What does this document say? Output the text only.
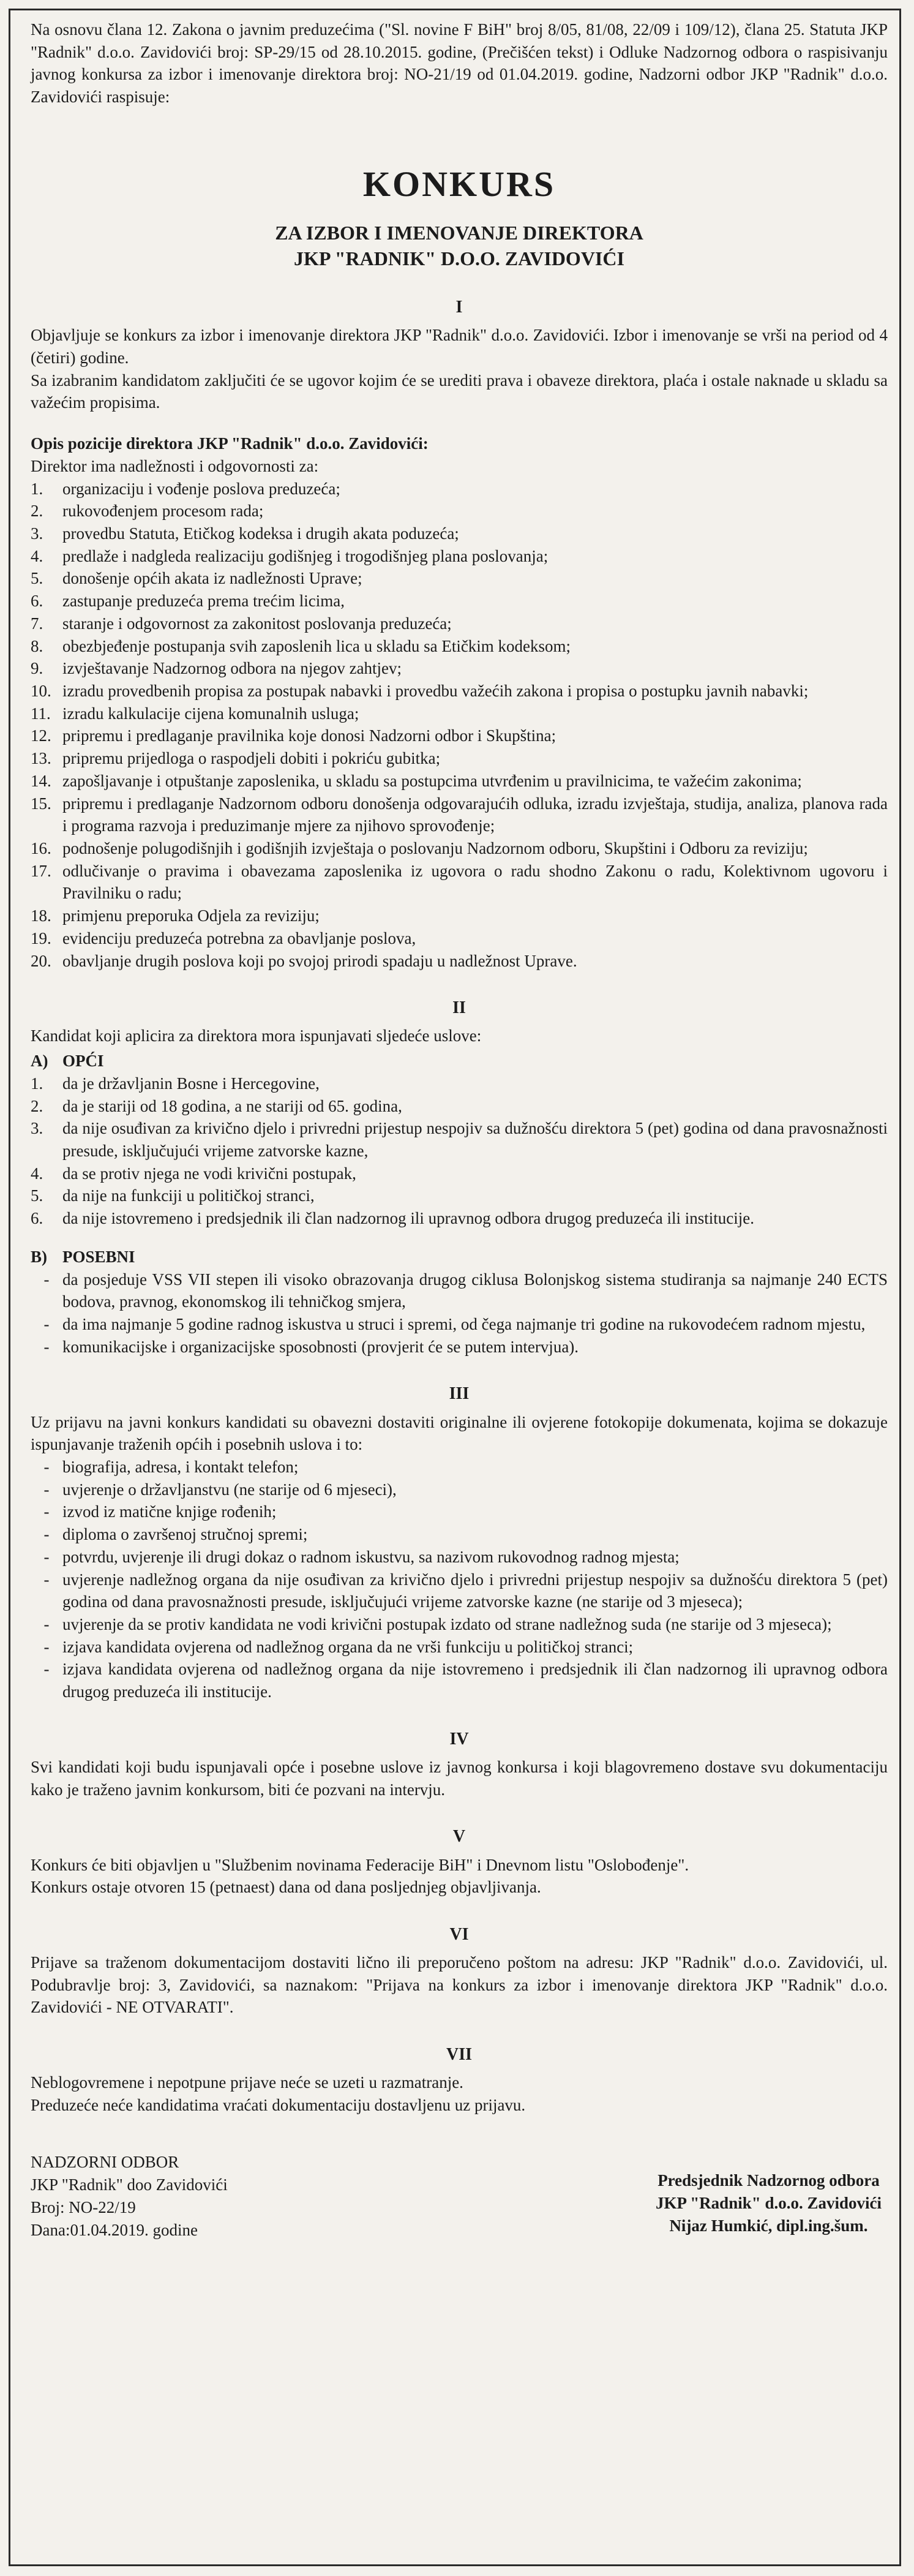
Na osnovu člana 12. Zakona o javnim preduzećima ("Sl. novine F BiH" broj 8/05, 81/08, 22/09 i 109/12), člana 25. Statuta JKP "Radnik" d.o.o. Zavidovići broj: SP-29/15 od 28.10.2015. godine, (Prečišćen tekst) i Odluke Nadzornog odbora o raspisivanju javnog konkursa za izbor i imenovanje direktora broj: NO-21/19 od 01.04.2019. godine, Nadzorni odbor JKP "Radnik" d.o.o. Zavidovići raspisuje:

KONKURS
ZA IZBOR I IMENOVANJE DIREKTORA
JKP "RADNIK" D.O.O. ZAVIDOVIĆI
I

Objavljuje se konkurs za izbor i imenovanje direktora JKP "Radnik" d.o.o. Zavidovići. Izbor i imenovanje se vrši na period od 4 (četiri) godine.

Sa izabranim kandidatom zaključiti će se ugovor kojim će se urediti prava i obaveze direktora, plaća i ostale naknade u skladu sa važećim propisima.

Opis pozicije direktora JKP "Radnik" d.o.o. Zavidovići:

Direktor ima nadležnosti i odgovornosti za:

1.	organizaciju i vođenje poslova preduzeća;
2.	rukovođenjem procesom rada;
3.	provedbu Statuta, Etičkog kodeksa i drugih akata poduzeća;
4.	predlaže i nadgleda realizaciju godišnjeg i trogodišnjeg plana poslovanja;
5.	donošenje općih akata iz nadležnosti Uprave;
6.	zastupanje preduzeća prema trećim licima,
7.	staranje i odgovornost za zakonitost poslovanja preduzeća;
8.	obezbjeđenje postupanja svih zaposlenih lica u skladu sa Etičkim kodeksom;
9.	izvještavanje Nadzornog odbora na njegov zahtjev;
10. izradu provedbenih propisa za postupak nabavki i provedbu važećih zakona i propisa o postupku javnih nabavki;
11. izradu kalkulacije cijena komunalnih usluga;
12. pripremu i predlaganje pravilnika koje donosi Nadzorni odbor i Skupština;
13. pripremu prijedloga o raspodjeli dobiti i pokriću gubitka;
14. zapošljavanje i otpuštanje zaposlenika, u skladu sa postupcima utvrđenim u pravilnicima, te važećim zakonima;
15. pripremu i predlaganje Nadzornom odboru donošenja odgovarajućih odluka, izradu izvještaja, studija, analiza, planova rada i programa razvoja i preduzimanje mjere za njihovo sprovođenje;
16. podnošenje polugodišnjih i godišnjih izvještaja o poslovanju Nadzornom odboru, Skupštini i Odboru za reviziju;
17. odlučivanje o pravima i obavezama zaposlenika iz ugovora o radu shodno Zakonu o radu, Kolektivnom ugovoru i Pravilniku o radu;
18. primjenu preporuka Odjela za reviziju;
19. evidenciju preduzeća potrebna za obavljanje poslova,
20. obavljanje drugih poslova koji po svojoj prirodi spadaju u nadležnost Uprave.
II

Kandidat koji aplicira za direktora mora ispunjavati sljedeće uslove:

A) OPĆI
1.	da je državljanin Bosne i Hercegovine,
2.	da je stariji od 18 godina, a ne stariji od 65. godina,
3.	da nije osuđivan za krivično djelo i privredni prijestup nespojiv sa dužnošću direktora 5 (pet) godina od dana pravosnažnosti presude, isključujući vrijeme zatvorske kazne,
4.	da se protiv njega ne vodi krivični postupak,
5.	da nije na funkciji u političkoj stranci,
6.	da nije istovremeno i predsjednik ili član nadzornog ili upravnog odbora drugog preduzeća ili institucije.
B) POSEBNI
- da posjeduje VSS VII stepen ili visoko obrazovanja drugog ciklusa Bolonjskog sistema studiranja sa najmanje 240 ECTS bodova, pravnog, ekonomskog ili tehničkog smjera,
- da ima najmanje 5 godine radnog iskustva u struci i spremi, od čega najmanje tri godine na rukovodećem radnom mjestu,
- komunikacijske i organizacijske sposobnosti (provjerit će se putem intervjua).
III

Uz prijavu na javni konkurs kandidati su obavezni dostaviti originalne ili ovjerene fotokopije dokumenata, kojima se dokazuje ispunjavanje traženih općih i posebnih uslova i to:

- biografija, adresa, i kontakt telefon;
- uvjerenje o državljanstvu (ne starije od 6 mjeseci),
- izvod iz matične knjige rođenih;
- diploma o završenoj stručnoj spremi;
- potvrdu, uvjerenje ili drugi dokaz o radnom iskustvu, sa nazivom rukovodnog radnog mjesta;
- uvjerenje nadležnog organa da nije osuđivan za krivično djelo i privredni prijestup nespojiv sa dužnošću direktora 5 (pet) godina od dana pravosnažnosti presude, isključujući vrijeme zatvorske kazne (ne starije od 3 mjeseca);
- uvjerenje da se protiv kandidata ne vodi krivični postupak izdato od strane nadležnog suda (ne starije od 3 mjeseca);
- izjava kandidata ovjerena od nadležnog organa da ne vrši funkciju u političkoj stranci;
- izjava kandidata ovjerena od nadležnog organa da nije istovremeno i predsjednik ili član nadzornog ili upravnog odbora drugog preduzeća ili institucije.
IV

Svi kandidati koji budu ispunjavali opće i posebne uslove iz javnog konkursa i koji blagovremeno dostave svu dokumentaciju kako je traženo javnim konkursom, biti će pozvani na intervju.

V

Konkurs će biti objavljen u "Službenim novinama Federacije BiH" i Dnevnom listu "Oslobođenje".

Konkurs ostaje otvoren 15 (petnaest) dana od dana posljednjeg objavljivanja.

VI

Prijave sa traženom dokumentacijom dostaviti lično ili preporučeno poštom na adresu: JKP "Radnik" d.o.o. Zavidovići, ul. Podubravlje broj: 3, Zavidovići, sa naznakom: "Prijava na konkurs za izbor i imenovanje direktora JKP "Radnik" d.o.o. Zavidovići - NE OTVARATI".

VII

Neblogovremene i nepotpune prijave neće se uzeti u razmatranje.

Preduzeće neće kandidatima vraćati dokumentaciju dostavljenu uz prijavu.

NADZORNI ODBOR
JKP "Radnik" doo Zavidovići
Broj: NO-22/19
Dana:01.04.2019. godine
Predsjednik Nadzornog odbora
JKP "Radnik" d.o.o. Zavidovići
Nijaz Humkić, dipl.ing.šum.
